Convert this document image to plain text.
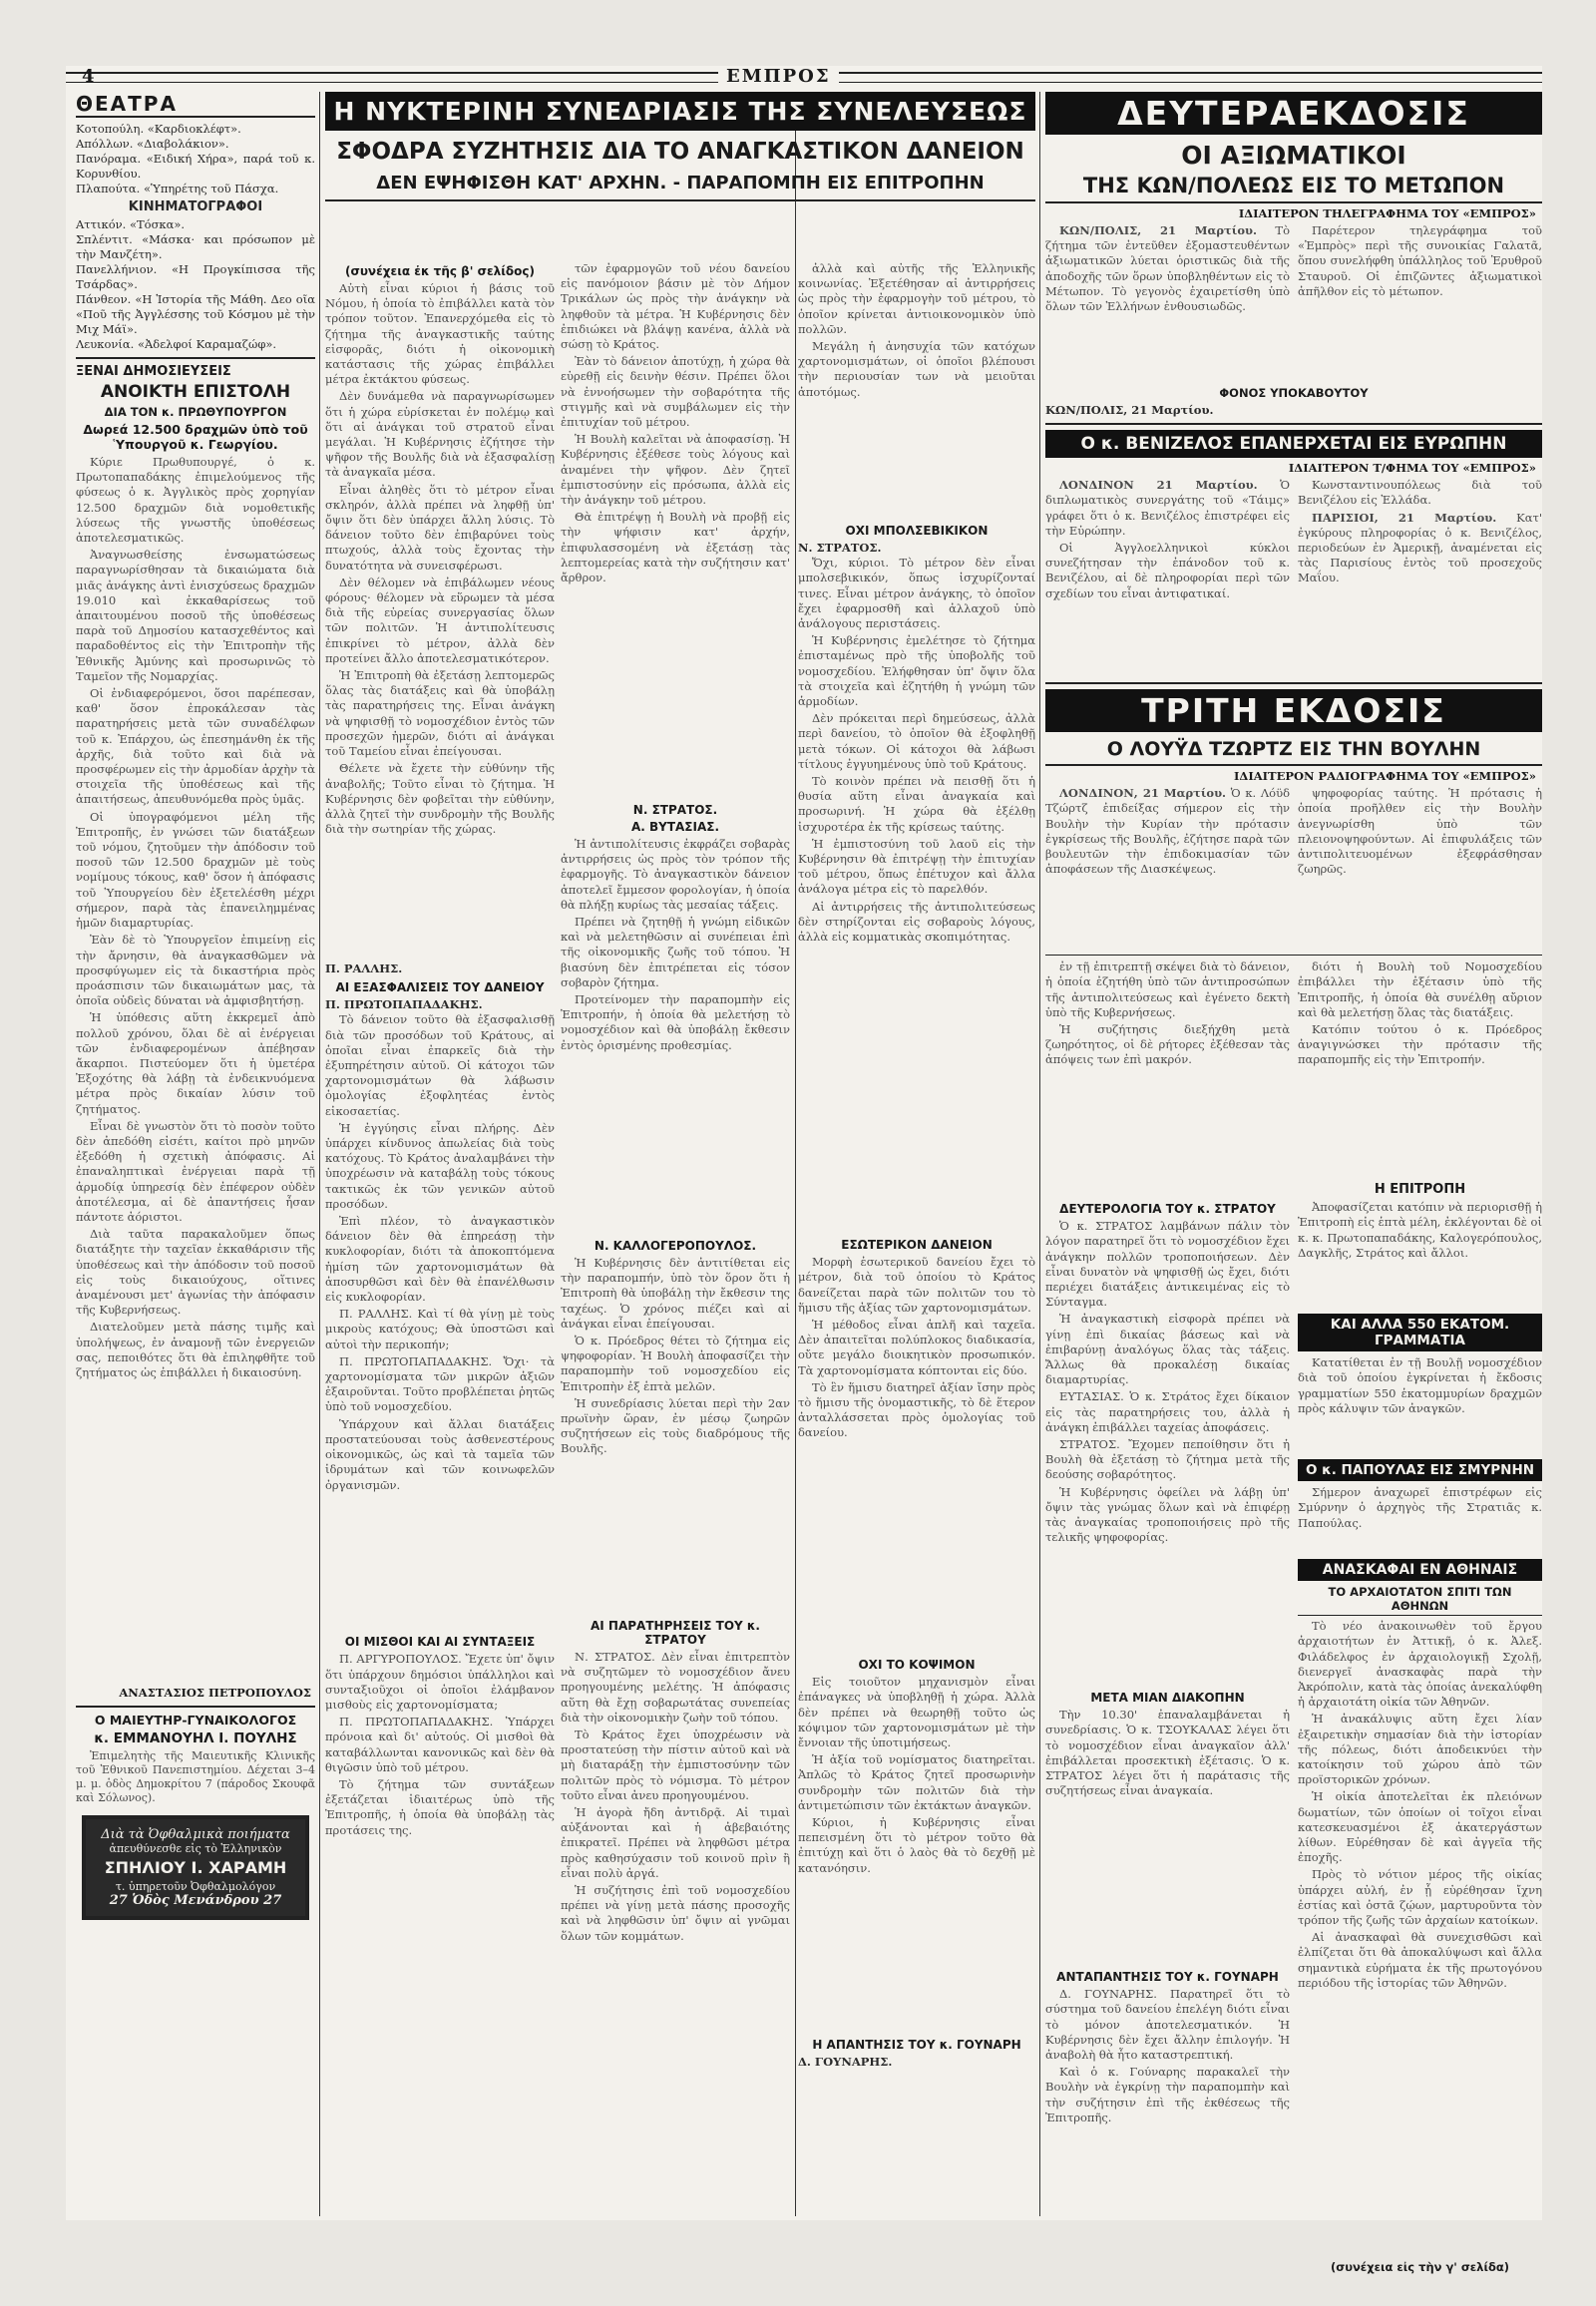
4	ΕΜΠΡΟΣ
ΘΕΑΤΡΑ
Κοτοπούλη. «Καρδιοκλέφτ».
Απόλλων. «Διαβολάκιον».
Πανόραμα. «Ειδική Χήρα», παρά τοῦ κ. Κορυνθίου.
Πλαπούτα. «Ὑπηρέτης τοῦ Πάσχα.
ΚΙΝΗΜΑΤΟΓΡΑΦΟΙ
Αττικόν. «Τόσκα».
Σπλέντιτ. «Μάσκα· και πρόσωπον μὲ τὴν Μανζέτη».
Πανελλήνιον. «Η Προγκίπισσα τῆς Τσάρδας».
Πάνθεον. «Η Ἱστορία τῆς Μάθη. Δεο οῖα «Ποῦ τῆς Ἀγγλέσσης τοῦ Κόσμου μὲ τὴν Μιχ Μάϊ».
Λευκονία. «Ἀδελφοί Καραμαζώφ».
ΞΕΝΑΙ ΔΗΜΟΣΙΕΥΣΕΙΣ
ΑΝΟΙΚΤΗ ΕΠΙΣΤΟΛΗ
ΔΙΑ ΤΟΝ κ. ΠΡΩΘΥΠΟΥΡΓΟΝ
Δωρεά 12.500 δραχμῶν ὑπὸ τοῦ Ὑπουργοῦ κ. Γεωργίου.

Κύριε Πρωθυπουργέ, ὁ κ. Πρωτοπαπαδάκης ἐπιμελούμενος τῆς φύσεως ὁ κ. Ἀγγλικὸς πρὸς χορηγίαν 12.500 δραχμῶν διὰ νομοθετικῆς λύσεως τῆς γνωστῆς ὑποθέσεως ἀποτελεσματικῶς.

Ἀναγνωσθείσης ἐνσωματώσεως παραγνωρίσθησαν τὰ δικαιώματα διὰ μιᾶς ἀνάγκης ἀντὶ ἐνισχύσεως δραχμῶν 19.010 καὶ ἐκκαθαρίσεως τοῦ ἀπαιτουμένου ποσοῦ τῆς ὑποθέσεως παρὰ τοῦ Δημοσίου κατασχεθέντος καὶ παραδοθέντος εἰς τὴν Ἐπιτροπὴν τῆς Ἐθνικῆς Ἀμύνης καὶ προσωρινῶς τὸ Ταμεῖον τῆς Νομαρχίας.

Οἱ ἐνδιαφερόμενοι, ὅσοι παρέπεσαν, καθ' ὅσον ἐπροκάλεσαν τὰς παρατηρήσεις μετὰ τῶν συναδέλφων τοῦ κ. Ἐπάρχου, ὡς ἐπεσημάνθη ἐκ τῆς ἀρχῆς, διὰ τοῦτο καὶ διὰ νὰ προσφέρωμεν εἰς τὴν ἀρμοδίαν ἀρχὴν τὰ στοιχεῖα τῆς ὑποθέσεως καὶ τῆς ἀπαιτήσεως, ἀπευθυνόμεθα πρὸς ὑμᾶς.

Οἱ ὑπογραφόμενοι μέλη τῆς Ἐπιτροπῆς, ἐν γνώσει τῶν διατάξεων τοῦ νόμου, ζητοῦμεν τὴν ἀπόδοσιν τοῦ ποσοῦ τῶν 12.500 δραχμῶν μὲ τοὺς νομίμους τόκους, καθ' ὅσον ἡ ἀπόφασις τοῦ Ὑπουργείου δὲν ἐξετελέσθη μέχρι σήμερον, παρὰ τὰς ἐπανειλημμένας ἡμῶν διαμαρτυρίας.

Ἐὰν δὲ τὸ Ὑπουργεῖον ἐπιμείνῃ εἰς τὴν ἄρνησιν, θὰ ἀναγκασθῶμεν νὰ προσφύγωμεν εἰς τὰ δικαστήρια πρὸς προάσπισιν τῶν δικαιωμάτων μας, τὰ ὁποῖα οὐδεὶς δύναται νὰ ἀμφισβητήσῃ.

Ἡ ὑπόθεσις αὕτη ἐκκρεμεῖ ἀπὸ πολλοῦ χρόνου, ὅλαι δὲ αἱ ἐνέργειαι τῶν ἐνδιαφερομένων ἀπέβησαν ἄκαρποι. Πιστεύομεν ὅτι ἡ ὑμετέρα Ἐξοχότης θὰ λάβῃ τὰ ἐνδεικνυόμενα μέτρα πρὸς δικαίαν λύσιν τοῦ ζητήματος.

Εἶναι δὲ γνωστὸν ὅτι τὸ ποσὸν τοῦτο δὲν ἀπεδόθη εἰσέτι, καίτοι πρὸ μηνῶν ἐξεδόθη ἡ σχετικὴ ἀπόφασις. Αἱ ἐπαναληπτικαὶ ἐνέργειαι παρὰ τῇ ἀρμοδίᾳ ὑπηρεσίᾳ δὲν ἐπέφερον οὐδὲν ἀποτέλεσμα, αἱ δὲ ἀπαντήσεις ἦσαν πάντοτε ἀόριστοι.

Διὰ ταῦτα παρακαλοῦμεν ὅπως διατάξητε τὴν ταχεῖαν ἐκκαθάρισιν τῆς ὑποθέσεως καὶ τὴν ἀπόδοσιν τοῦ ποσοῦ εἰς τοὺς δικαιούχους, οἵτινες ἀναμένουσι μετ' ἀγωνίας τὴν ἀπόφασιν τῆς Κυβερνήσεως.

Διατελοῦμεν μετὰ πάσης τιμῆς καὶ ὑπολήψεως, ἐν ἀναμονῇ τῶν ἐνεργειῶν σας, πεποιθότες ὅτι θὰ ἐπιληφθῆτε τοῦ ζητήματος ὡς ἐπιβάλλει ἡ δικαιοσύνη.

ΑΝΑΣΤΑΣΙΟΣ ΠΕΤΡΟΠΟΥΛΟΣ
Ο ΜΑΙΕΥΤΗΡ-ΓΥΝΑΙΚΟΛΟΓΟΣ
κ. ΕΜΜΑΝΟΥΗΛ Ι. ΠΟΥΛΗΣ

Ἐπιμελητὴς τῆς Μαιευτικῆς Κλινικῆς τοῦ Ἐθνικοῦ Πανεπιστημίου. Δέχεται 3–4 μ. μ. ὁδὸς Δημοκρίτου 7 (πάροδος Σκουφᾶ καὶ Σόλωνος).

Διὰ τὰ Ὀφθαλμικὰ ποιήματα
ἀπευθύνεσθε εἰς τὸ Ἑλληνικὸν
ΣΠΗΛΙΟΥ Ι. ΧΑΡΑΜΗ
τ. ὑπηρετοῦν Ὀφθαλμολόγον
27 Ὁδὸς Μενάνδρου 27
Η ΝΥΚΤΕΡΙΝΗ ΣΥΝΕΔΡΙΑΣΙΣ ΤΗΣ ΣΥΝΕΛΕΥΣΕΩΣ
ΣΦΟΔΡΑ ΣΥΖΗΤΗΣΙΣ ΔΙΑ ΤΟ ΑΝΑΓΚΑΣΤΙΚΟΝ ΔΑΝΕΙΟΝ
ΔΕΝ ΕΨΗΦΙΣΘΗ ΚΑΤ' ΑΡΧΗΝ. - ΠΑΡΑΠΟΜΠΗ ΕΙΣ ΕΠΙΤΡΟΠΗΝ
(συνέχεια ἐκ τῆς β' σελίδος)

Αὐτὴ εἶναι κύριοι ἡ βάσις τοῦ Νόμου, ἡ ὁποία τὸ ἐπιβάλλει κατὰ τὸν τρόπον τοῦτον. Ἐπανερχόμεθα εἰς τὸ ζήτημα τῆς ἀναγκαστικῆς ταύτης εἰσφορᾶς, διότι ἡ οἰκονομικὴ κατάστασις τῆς χώρας ἐπιβάλλει μέτρα ἐκτάκτου φύσεως.

Δὲν δυνάμεθα νὰ παραγνωρίσωμεν ὅτι ἡ χώρα εὑρίσκεται ἐν πολέμῳ καὶ ὅτι αἱ ἀνάγκαι τοῦ στρατοῦ εἶναι μεγάλαι. Ἡ Κυβέρνησις ἐζήτησε τὴν ψῆφον τῆς Βουλῆς διὰ νὰ ἐξασφαλίσῃ τὰ ἀναγκαῖα μέσα.

Εἶναι ἀληθὲς ὅτι τὸ μέτρον εἶναι σκληρόν, ἀλλὰ πρέπει νὰ ληφθῇ ὑπ' ὄψιν ὅτι δὲν ὑπάρχει ἄλλη λύσις. Τὸ δάνειον τοῦτο δὲν ἐπιβαρύνει τοὺς πτωχούς, ἀλλὰ τοὺς ἔχοντας τὴν δυνατότητα νὰ συνεισφέρωσι.

Δὲν θέλομεν νὰ ἐπιβάλωμεν νέους φόρους· θέλομεν νὰ εὕρωμεν τὰ μέσα διὰ τῆς εὐρείας συνεργασίας ὅλων τῶν πολιτῶν. Ἡ ἀντιπολίτευσις ἐπικρίνει τὸ μέτρον, ἀλλὰ δὲν προτείνει ἄλλο ἀποτελεσματικότερον.

Ἡ Ἐπιτροπὴ θὰ ἐξετάσῃ λεπτομερῶς ὅλας τὰς διατάξεις καὶ θὰ ὑποβάλῃ τὰς παρατηρήσεις της. Εἶναι ἀνάγκη νὰ ψηφισθῇ τὸ νομοσχέδιον ἐντὸς τῶν προσεχῶν ἡμερῶν, διότι αἱ ἀνάγκαι τοῦ Ταμείου εἶναι ἐπείγουσαι.

Θέλετε νὰ ἔχετε τὴν εὐθύνην τῆς ἀναβολῆς; Τοῦτο εἶναι τὸ ζήτημα. Ἡ Κυβέρνησις δὲν φοβεῖται τὴν εὐθύνην, ἀλλὰ ζητεῖ τὴν συνδρομὴν τῆς Βουλῆς διὰ τὴν σωτηρίαν τῆς χώρας.

Π. ΡΑΛΛΗΣ.
ΑΙ ΕΞΑΣΦΑΛΙΣΕΙΣ ΤΟΥ ΔΑΝΕΙΟΥ
Π. ΠΡΩΤΟΠΑΠΑΔΑΚΗΣ.

Τὸ δάνειον τοῦτο θὰ ἐξασφαλισθῇ διὰ τῶν προσόδων τοῦ Κράτους, αἱ ὁποῖαι εἶναι ἐπαρκεῖς διὰ τὴν ἐξυπηρέτησιν αὐτοῦ. Οἱ κάτοχοι τῶν χαρτονομισμάτων θὰ λάβωσιν ὁμολογίας ἐξοφλητέας ἐντὸς εἰκοσαετίας.

Ἡ ἐγγύησις εἶναι πλήρης. Δὲν ὑπάρχει κίνδυνος ἀπωλείας διὰ τοὺς κατόχους. Τὸ Κράτος ἀναλαμβάνει τὴν ὑποχρέωσιν νὰ καταβάλῃ τοὺς τόκους τακτικῶς ἐκ τῶν γενικῶν αὐτοῦ προσόδων.

Ἐπὶ πλέον, τὸ ἀναγκαστικὸν δάνειον δὲν θὰ ἐπηρεάσῃ τὴν κυκλοφορίαν, διότι τὰ ἀποκοπτόμενα ἡμίση τῶν χαρτονομισμάτων θὰ ἀποσυρθῶσι καὶ δὲν θὰ ἐπανέλθωσιν εἰς κυκλοφορίαν.

Π. ΡΑΛΛΗΣ. Καὶ τί θὰ γίνῃ μὲ τοὺς μικροὺς κατόχους; Θὰ ὑποστῶσι καὶ αὐτοὶ τὴν περικοπήν;

Π. ΠΡΩΤΟΠΑΠΑΔΑΚΗΣ. Ὄχι· τὰ χαρτονομίσματα τῶν μικρῶν ἀξιῶν ἐξαιροῦνται. Τοῦτο προβλέπεται ῥητῶς ὑπὸ τοῦ νομοσχεδίου.

Ὑπάρχουν καὶ ἄλλαι διατάξεις προστατεύουσαι τοὺς ἀσθενεστέρους οἰκονομικῶς, ὡς καὶ τὰ ταμεῖα τῶν ἱδρυμάτων καὶ τῶν κοινωφελῶν ὀργανισμῶν.

ΟΙ ΜΙΣΘΟΙ ΚΑΙ ΑΙ ΣΥΝΤΑΞΕΙΣ

Π. ΑΡΓΥΡΟΠΟΥΛΟΣ. Ἔχετε ὑπ' ὄψιν ὅτι ὑπάρχουν δημόσιοι ὑπάλληλοι καὶ συνταξιοῦχοι οἱ ὁποῖοι ἐλάμβανον μισθοὺς εἰς χαρτονομίσματα;

Π. ΠΡΩΤΟΠΑΠΑΔΑΚΗΣ. Ὑπάρχει πρόνοια καὶ δι' αὐτούς. Οἱ μισθοὶ θὰ καταβάλλωνται κανονικῶς καὶ δὲν θὰ θιγῶσιν ὑπὸ τοῦ μέτρου.

Τὸ ζήτημα τῶν συντάξεων ἐξετάζεται ἰδιαιτέρως ὑπὸ τῆς Ἐπιτροπῆς, ἡ ὁποία θὰ ὑποβάλῃ τὰς προτάσεις της.

τῶν ἐφαρμογῶν τοῦ νέου δανείου εἰς πανόμοιον βάσιν μὲ τὸν Δήμον Τρικάλων ὡς πρὸς τὴν ἀνάγκην νὰ ληφθοῦν τὰ μέτρα. Ἡ Κυβέρνησις δὲν ἐπιδιώκει νὰ βλάψῃ κανένα, ἀλλὰ νὰ σώσῃ τὸ Κράτος.

Ἐὰν τὸ δάνειον ἀποτύχῃ, ἡ χώρα θὰ εὑρεθῇ εἰς δεινὴν θέσιν. Πρέπει ὅλοι νὰ ἐννοήσωμεν τὴν σοβαρότητα τῆς στιγμῆς καὶ νὰ συμβάλωμεν εἰς τὴν ἐπιτυχίαν τοῦ μέτρου.

Ἡ Βουλὴ καλεῖται νὰ ἀποφασίσῃ. Ἡ Κυβέρνησις ἐξέθεσε τοὺς λόγους καὶ ἀναμένει τὴν ψῆφον. Δὲν ζητεῖ ἐμπιστοσύνην εἰς πρόσωπα, ἀλλὰ εἰς τὴν ἀνάγκην τοῦ μέτρου.

Θὰ ἐπιτρέψῃ ἡ Βουλὴ νὰ προβῇ εἰς τὴν ψήφισιν κατ' ἀρχήν, ἐπιφυλασσομένη νὰ ἐξετάσῃ τὰς λεπτομερείας κατὰ τὴν συζήτησιν κατ' ἄρθρον.

Ν. ΣΤΡΑΤΟΣ.
Α. ΒΥΤΑΣΙΑΣ.

Ἡ ἀντιπολίτευσις ἐκφράζει σοβαρὰς ἀντιρρήσεις ὡς πρὸς τὸν τρόπον τῆς ἐφαρμογῆς. Τὸ ἀναγκαστικὸν δάνειον ἀποτελεῖ ἔμμεσον φορολογίαν, ἡ ὁποία θὰ πλήξῃ κυρίως τὰς μεσαίας τάξεις.

Πρέπει νὰ ζητηθῇ ἡ γνώμη εἰδικῶν καὶ νὰ μελετηθῶσιν αἱ συνέπειαι ἐπὶ τῆς οἰκονομικῆς ζωῆς τοῦ τόπου. Ἡ βιασύνη δὲν ἐπιτρέπεται εἰς τόσον σοβαρὸν ζήτημα.

Προτείνομεν τὴν παραπομπὴν εἰς Ἐπιτροπήν, ἡ ὁποία θὰ μελετήσῃ τὸ νομοσχέδιον καὶ θὰ ὑποβάλῃ ἔκθεσιν ἐντὸς ὁρισμένης προθεσμίας.

Ν. ΚΑΛΛΟΓΕΡΟΠΟΥΛΟΣ.

Ἡ Κυβέρνησις δὲν ἀντιτίθεται εἰς τὴν παραπομπήν, ὑπὸ τὸν ὅρον ὅτι ἡ Ἐπιτροπὴ θὰ ὑποβάλῃ τὴν ἔκθεσιν της ταχέως. Ὁ χρόνος πιέζει καὶ αἱ ἀνάγκαι εἶναι ἐπείγουσαι.

Ὁ κ. Πρόεδρος θέτει τὸ ζήτημα εἰς ψηφοφορίαν. Ἡ Βουλὴ ἀποφασίζει τὴν παραπομπὴν τοῦ νομοσχεδίου εἰς Ἐπιτροπὴν ἐξ ἑπτὰ μελῶν.

Ἡ συνεδρίασις λύεται περὶ τὴν 2αν πρωϊνὴν ὥραν, ἐν μέσῳ ζωηρῶν συζητήσεων εἰς τοὺς διαδρόμους τῆς Βουλῆς.

ΑΙ ΠΑΡΑΤΗΡΗΣΕΙΣ ΤΟΥ κ. ΣΤΡΑΤΟΥ

Ν. ΣΤΡΑΤΟΣ. Δὲν εἶναι ἐπιτρεπτὸν νὰ συζητῶμεν τὸ νομοσχέδιον ἄνευ προηγουμένης μελέτης. Ἡ ἀπόφασις αὕτη θὰ ἔχῃ σοβαρωτάτας συνεπείας διὰ τὴν οἰκονομικὴν ζωὴν τοῦ τόπου.

Τὸ Κράτος ἔχει ὑποχρέωσιν νὰ προστατεύσῃ τὴν πίστιν αὐτοῦ καὶ νὰ μὴ διαταράξῃ τὴν ἐμπιστοσύνην τῶν πολιτῶν πρὸς τὸ νόμισμα. Τὸ μέτρον τοῦτο εἶναι ἀνευ προηγουμένου.

Ἡ ἀγορὰ ἤδη ἀντιδρᾷ. Αἱ τιμαὶ αὐξάνονται καὶ ἡ ἀβεβαιότης ἐπικρατεῖ. Πρέπει νὰ ληφθῶσι μέτρα πρὸς καθησύχασιν τοῦ κοινοῦ πρὶν ἢ εἶναι πολὺ ἀργά.

Ἡ συζήτησις ἐπὶ τοῦ νομοσχεδίου πρέπει νὰ γίνῃ μετὰ πάσης προσοχῆς καὶ νὰ ληφθῶσιν ὑπ' ὄψιν αἱ γνῶμαι ὅλων τῶν κομμάτων.

ἀλλὰ καὶ αὐτῆς τῆς Ἑλληνικῆς κοινωνίας. Ἐξετέθησαν αἱ ἀντιρρήσεις ὡς πρὸς τὴν ἐφαρμογὴν τοῦ μέτρου, τὸ ὁποῖον κρίνεται ἀντιοικονομικὸν ὑπὸ πολλῶν.

Μεγάλη ἡ ἀνησυχία τῶν κατόχων χαρτονομισμάτων, οἱ ὁποῖοι βλέπουσι τὴν περιουσίαν των νὰ μειοῦται ἀποτόμως.

ΟΧΙ ΜΠΟΛΣΕΒΙΚΙΚΟΝ
Ν. ΣΤΡΑΤΟΣ.

Ὄχι, κύριοι. Τὸ μέτρον δὲν εἶναι μπολσεβικικόν, ὅπως ἰσχυρίζονταί τινες. Εἶναι μέτρον ἀνάγκης, τὸ ὁποῖον ἔχει ἐφαρμοσθῆ καὶ ἀλλαχοῦ ὑπὸ ἀνάλογους περιστάσεις.

Ἡ Κυβέρνησις ἐμελέτησε τὸ ζήτημα ἐπισταμένως πρὸ τῆς ὑποβολῆς τοῦ νομοσχεδίου. Ἐλήφθησαν ὑπ' ὄψιν ὅλα τὰ στοιχεῖα καὶ ἐζητήθη ἡ γνώμη τῶν ἁρμοδίων.

Δὲν πρόκειται περὶ δημεύσεως, ἀλλὰ περὶ δανείου, τὸ ὁποῖον θὰ ἐξοφληθῇ μετὰ τόκων. Οἱ κάτοχοι θὰ λάβωσι τίτλους ἐγγυημένους ὑπὸ τοῦ Κράτους.

Τὸ κοινὸν πρέπει νὰ πεισθῇ ὅτι ἡ θυσία αὕτη εἶναι ἀναγκαία καὶ προσωρινή. Ἡ χώρα θὰ ἐξέλθῃ ἰσχυροτέρα ἐκ τῆς κρίσεως ταύτης.

Ἡ ἐμπιστοσύνη τοῦ λαοῦ εἰς τὴν Κυβέρνησιν θὰ ἐπιτρέψῃ τὴν ἐπιτυχίαν τοῦ μέτρου, ὅπως ἐπέτυχον καὶ ἄλλα ἀνάλογα μέτρα εἰς τὸ παρελθόν.

Αἱ ἀντιρρήσεις τῆς ἀντιπολιτεύσεως δὲν στηρίζονται εἰς σοβαροὺς λόγους, ἀλλὰ εἰς κομματικὰς σκοπιμότητας.

ΕΣΩΤΕΡΙΚΟΝ ΔΑΝΕΙΟΝ

Μορφὴ ἐσωτερικοῦ δανείου ἔχει τὸ μέτρον, διὰ τοῦ ὁποίου τὸ Κράτος δανείζεται παρὰ τῶν πολιτῶν του τὸ ἥμισυ τῆς ἀξίας τῶν χαρτονομισμάτων.

Ἡ μέθοδος εἶναι ἁπλῆ καὶ ταχεῖα. Δὲν ἀπαιτεῖται πολύπλοκος διαδικασία, οὔτε μεγάλο διοικητικὸν προσωπικόν. Τὰ χαρτονομίσματα κόπτονται εἰς δύο.

Τὸ ἓν ἥμισυ διατηρεῖ ἀξίαν ἴσην πρὸς τὸ ἥμισυ τῆς ὀνομαστικῆς, τὸ δὲ ἕτερον ἀνταλλάσσεται πρὸς ὁμολογίας τοῦ δανείου.

ΟΧΙ ΤΟ ΚΟΨΙΜΟΝ

Εἰς τοιοῦτον μηχανισμὸν εἶναι ἐπάναγκες νὰ ὑποβληθῇ ἡ χώρα. Ἀλλὰ δὲν πρέπει νὰ θεωρηθῇ τοῦτο ὡς κόψιμον τῶν χαρτονομισμάτων μὲ τὴν ἔννοιαν τῆς ὑποτιμήσεως.

Ἡ ἀξία τοῦ νομίσματος διατηρεῖται. Ἀπλῶς τὸ Κράτος ζητεῖ προσωρινὴν συνδρομὴν τῶν πολιτῶν διὰ τὴν ἀντιμετώπισιν τῶν ἐκτάκτων ἀναγκῶν.

Κύριοι, ἡ Κυβέρνησις εἶναι πεπεισμένη ὅτι τὸ μέτρον τοῦτο θὰ ἐπιτύχῃ καὶ ὅτι ὁ λαὸς θὰ τὸ δεχθῇ μὲ κατανόησιν.

Η ΑΠΑΝΤΗΣΙΣ ΤΟΥ κ. ΓΟΥΝΑΡΗ
Δ. ΓΟΥΝΑΡΗΣ.
ΔΕΥΤΕΡΑΕΚΔΟΣΙΣ
ΟΙ ΑΞΙΩΜΑΤΙΚΟΙ
ΤΗΣ ΚΩΝ/ΠΟΛΕΩΣ ΕΙΣ ΤΟ ΜΕΤΩΠΟΝ
ΙΔΙΑΙΤΕΡΟΝ ΤΗΛΕΓΡΑΦΗΜΑ ΤΟΥ «ΕΜΠΡΟΣ»

ΚΩΝ/ΠΟΛΙΣ, 21 Μαρτίου. Τὸ ζήτημα τῶν ἐντεῦθεν ἐξομαστευθέντων ἀξιωματικῶν λύεται ὁριστικῶς διὰ τῆς ἀποδοχῆς τῶν ὅρων ὑποβληθέντων εἰς τὸ Μέτωπον. Τὸ γεγονὸς ἐχαιρετίσθη ὑπὸ ὅλων τῶν Ἑλλήνων ἐνθουσιωδῶς.

Παρέτερον τηλεγράφημα τοῦ «Ἐμπρὸς» περὶ τῆς συνοικίας Γαλατᾶ, ὅπου συνελήφθη ὑπάλληλος τοῦ Ἐρυθροῦ Σταυροῦ. Οἱ ἐπιζῶντες ἀξιωματικοὶ ἀπῆλθον εἰς τὸ μέτωπον.

ΦΟΝΟΣ ΥΠΟΚΑΒΟΥΤΟΥ
ΚΩΝ/ΠΟΛΙΣ, 21 Μαρτίου.
Ο κ. ΒΕΝΙΖΕΛΟΣ ΕΠΑΝΕΡΧΕΤΑΙ ΕΙΣ ΕΥΡΩΠΗΝ
ΙΔΙΑΙΤΕΡΟΝ Τ/ΦΗΜΑ ΤΟΥ «ΕΜΠΡΟΣ»

ΛΟΝΔΙΝΟΝ 21 Μαρτίου. Ὁ διπλωματικὸς συνεργάτης τοῦ «Τάιμς» γράφει ὅτι ὁ κ. Βενιζέλος ἐπιστρέφει εἰς τὴν Εὐρώπην.

Οἱ Ἀγγλοελληνικοὶ κύκλοι συνεζήτησαν τὴν ἐπάνοδον τοῦ κ. Βενιζέλου, αἱ δὲ πληροφορίαι περὶ τῶν σχεδίων του εἶναι ἀντιφατικαί.

Κωνσταντινουπόλεως διὰ τοῦ Βενιζέλου εἰς Ἑλλάδα.

ΠΑΡΙΣΙΟΙ, 21 Μαρτίου. Κατ' ἐγκύρους πληροφορίας ὁ κ. Βενιζέλος, περιοδεύων ἐν Ἀμερικῇ, ἀναμένεται εἰς τὰς Παρισίους ἐντὸς τοῦ προσεχοῦς Μαΐου.

ΤΡΙΤΗ ΕΚΔΟΣΙΣ
Ο ΛΟΥΫΔ ΤΖΩΡΤΖ ΕΙΣ ΤΗΝ ΒΟΥΛΗΝ
ΙΔΙΑΙΤΕΡΟΝ ΡΑΔΙΟΓΡΑΦΗΜΑ ΤΟΥ «ΕΜΠΡΟΣ»

ΛΟΝΔΙΝΟΝ, 21 Μαρτίου. Ὁ κ. Λόϋδ Τζώρτζ ἐπιδείξας σήμερον εἰς τὴν Βουλὴν τὴν Κυρίαν τὴν πρότασιν ἐγκρίσεως τῆς Βουλῆς, ἐζήτησε παρὰ τῶν βουλευτῶν τὴν ἐπιδοκιμασίαν τῶν ἀποφάσεων τῆς Διασκέψεως.

ψηφοφορίας ταύτης. Ἡ πρότασις ἡ ὁποία προῆλθεν εἰς τὴν Βουλὴν ἀνεγνωρίσθη ὑπὸ τῶν πλειονοψηφούντων. Αἱ ἐπιφυλάξεις τῶν ἀντιπολιτευομένων ἐξεφράσθησαν ζωηρῶς.

ἐν τῇ ἐπιτρεπτῇ σκέψει διὰ τὸ δάνειον, ἡ ὁποία ἐζητήθη ὑπὸ τῶν ἀντιπροσώπων τῆς ἀντιπολιτεύσεως καὶ ἐγένετο δεκτὴ ὑπὸ τῆς Κυβερνήσεως.

Ἡ συζήτησις διεξήχθη μετὰ ζωηρότητος, οἱ δὲ ρήτορες ἐξέθεσαν τὰς ἀπόψεις των ἐπὶ μακρόν.

ΔΕΥΤΕΡΟΛΟΓΙΑ ΤΟΥ κ. ΣΤΡΑΤΟΥ

Ὁ κ. ΣΤΡΑΤΟΣ λαμβάνων πάλιν τὸν λόγον παρατηρεῖ ὅτι τὸ νομοσχέδιον ἔχει ἀνάγκην πολλῶν τροποποιήσεων. Δὲν εἶναι δυνατὸν νὰ ψηφισθῇ ὡς ἔχει, διότι περιέχει διατάξεις ἀντικειμένας εἰς τὸ Σύνταγμα.

Ἡ ἀναγκαστικὴ εἰσφορὰ πρέπει νὰ γίνῃ ἐπὶ δικαίας βάσεως καὶ νὰ ἐπιβαρύνῃ ἀναλόγως ὅλας τὰς τάξεις. Ἄλλως θὰ προκαλέσῃ δικαίας διαμαρτυρίας.

ΕΥΤΑΣΙΑΣ. Ὁ κ. Στράτος ἔχει δίκαιον εἰς τὰς παρατηρήσεις του, ἀλλὰ ἡ ἀνάγκη ἐπιβάλλει ταχείας ἀποφάσεις.

ΣΤΡΑΤΟΣ. Ἔχομεν πεποίθησιν ὅτι ἡ Βουλὴ θὰ ἐξετάσῃ τὸ ζήτημα μετὰ τῆς δεούσης σοβαρότητος.

Ἡ Κυβέρνησις ὀφείλει νὰ λάβῃ ὑπ' ὄψιν τὰς γνώμας ὅλων καὶ νὰ ἐπιφέρῃ τὰς ἀναγκαίας τροποποιήσεις πρὸ τῆς τελικῆς ψηφοφορίας.

ΜΕΤΑ ΜΙΑΝ ΔΙΑΚΟΠΗΝ

Τὴν 10.30' ἐπαναλαμβάνεται ἡ συνεδρίασις. Ὁ κ. ΤΣΟΥΚΑΛΑΣ λέγει ὅτι τὸ νομοσχέδιον εἶναι ἀναγκαῖον ἀλλ' ἐπιβάλλεται προσεκτικὴ ἐξέτασις. Ὁ κ. ΣΤΡΑΤΟΣ λέγει ὅτι ἡ παράτασις τῆς συζητήσεως εἶναι ἀναγκαία.

ΑΝΤΑΠΑΝΤΗΣΙΣ ΤΟΥ κ. ΓΟΥΝΑΡΗ

Δ. ΓΟΥΝΑΡΗΣ. Παρατηρεῖ ὅτι τὸ σύστημα τοῦ δανείου ἐπελέγη διότι εἶναι τὸ μόνον ἀποτελεσματικόν. Ἡ Κυβέρνησις δὲν ἔχει ἄλλην ἐπιλογήν. Ἡ ἀναβολὴ θὰ ἦτο καταστρεπτική.

Καὶ ὁ κ. Γούναρης παρακαλεῖ τὴν Βουλὴν νὰ ἐγκρίνῃ τὴν παραπομπὴν καὶ τὴν συζήτησιν ἐπὶ τῆς ἐκθέσεως τῆς Ἐπιτροπῆς.

διότι ἡ Βουλὴ τοῦ Νομοσχεδίου ἐπιβάλλει τὴν ἐξέτασιν ὑπὸ τῆς Ἐπιτροπῆς, ἡ ὁποία θὰ συνέλθῃ αὔριον καὶ θὰ μελετήσῃ ὅλας τὰς διατάξεις.

Κατόπιν τούτου ὁ κ. Πρόεδρος ἀναγιγνώσκει τὴν πρότασιν τῆς παραπομπῆς εἰς τὴν Ἐπιτροπήν.

Η ΕΠΙΤΡΟΠΗ

Ἀποφασίζεται κατόπιν νὰ περιορισθῇ ἡ Ἐπιτροπὴ εἰς ἑπτὰ μέλη, ἐκλέγονται δὲ οἱ κ. κ. Πρωτοπαπαδάκης, Καλογερόπουλος, Δαγκλῆς, Στράτος καὶ ἄλλοι.

ΚΑΙ ΑΛΛΑ 550 ΕΚΑΤΟΜ. ΓΡΑΜΜΑΤΙΑ

Κατατίθεται ἐν τῇ Βουλῇ νομοσχέδιον διὰ τοῦ ὁποίου ἐγκρίνεται ἡ ἔκδοσις γραμματίων 550 ἑκατομμυρίων δραχμῶν πρὸς κάλυψιν τῶν ἀναγκῶν.

Ο κ. ΠΑΠΟΥΛΑΣ ΕΙΣ ΣΜΥΡΝΗΝ

Σήμερον ἀναχωρεῖ ἐπιστρέφων εἰς Σμύρνην ὁ ἀρχηγὸς τῆς Στρατιᾶς κ. Παπούλας.

ΑΝΑΣΚΑΦΑΙ ΕΝ ΑΘΗΝΑΙΣ
ΤΟ ΑΡΧΑΙΟΤΑΤΟΝ ΣΠΙΤΙ ΤΩΝ ΑΘΗΝΩΝ

Τὸ νέο ἀνακοινωθὲν τοῦ ἔργου ἀρχαιοτήτων ἐν Ἀττικῇ, ὁ κ. Ἀλεξ. Φιλάδελφος ἐν ἀρχαιολογικῇ Σχολῇ, διενεργεῖ ἀνασκαφὰς παρὰ τὴν Ἀκρόπολιν, κατὰ τὰς ὁποίας ἀνεκαλύφθη ἡ ἀρχαιοτάτη οἰκία τῶν Ἀθηνῶν.

Ἡ ἀνακάλυψις αὕτη ἔχει λίαν ἐξαιρετικὴν σημασίαν διὰ τὴν ἱστορίαν τῆς πόλεως, διότι ἀποδεικνύει τὴν κατοίκησιν τοῦ χώρου ἀπὸ τῶν προϊστορικῶν χρόνων.

Ἡ οἰκία ἀποτελεῖται ἐκ πλειόνων δωματίων, τῶν ὁποίων οἱ τοῖχοι εἶναι κατεσκευασμένοι ἐξ ἀκατεργάστων λίθων. Εὑρέθησαν δὲ καὶ ἀγγεῖα τῆς ἐποχῆς.

Πρὸς τὸ νότιον μέρος τῆς οἰκίας ὑπάρχει αὐλή, ἐν ᾗ εὑρέθησαν ἴχνη ἑστίας καὶ ὀστᾶ ζῴων, μαρτυροῦντα τὸν τρόπον τῆς ζωῆς τῶν ἀρχαίων κατοίκων.

Αἱ ἀνασκαφαὶ θὰ συνεχισθῶσι καὶ ἐλπίζεται ὅτι θὰ ἀποκαλύψωσι καὶ ἄλλα σημαντικὰ εὑρήματα ἐκ τῆς πρωτογόνου περιόδου τῆς ἱστορίας τῶν Ἀθηνῶν.

(συνέχεια εἰς τὴν γ' σελίδα)
